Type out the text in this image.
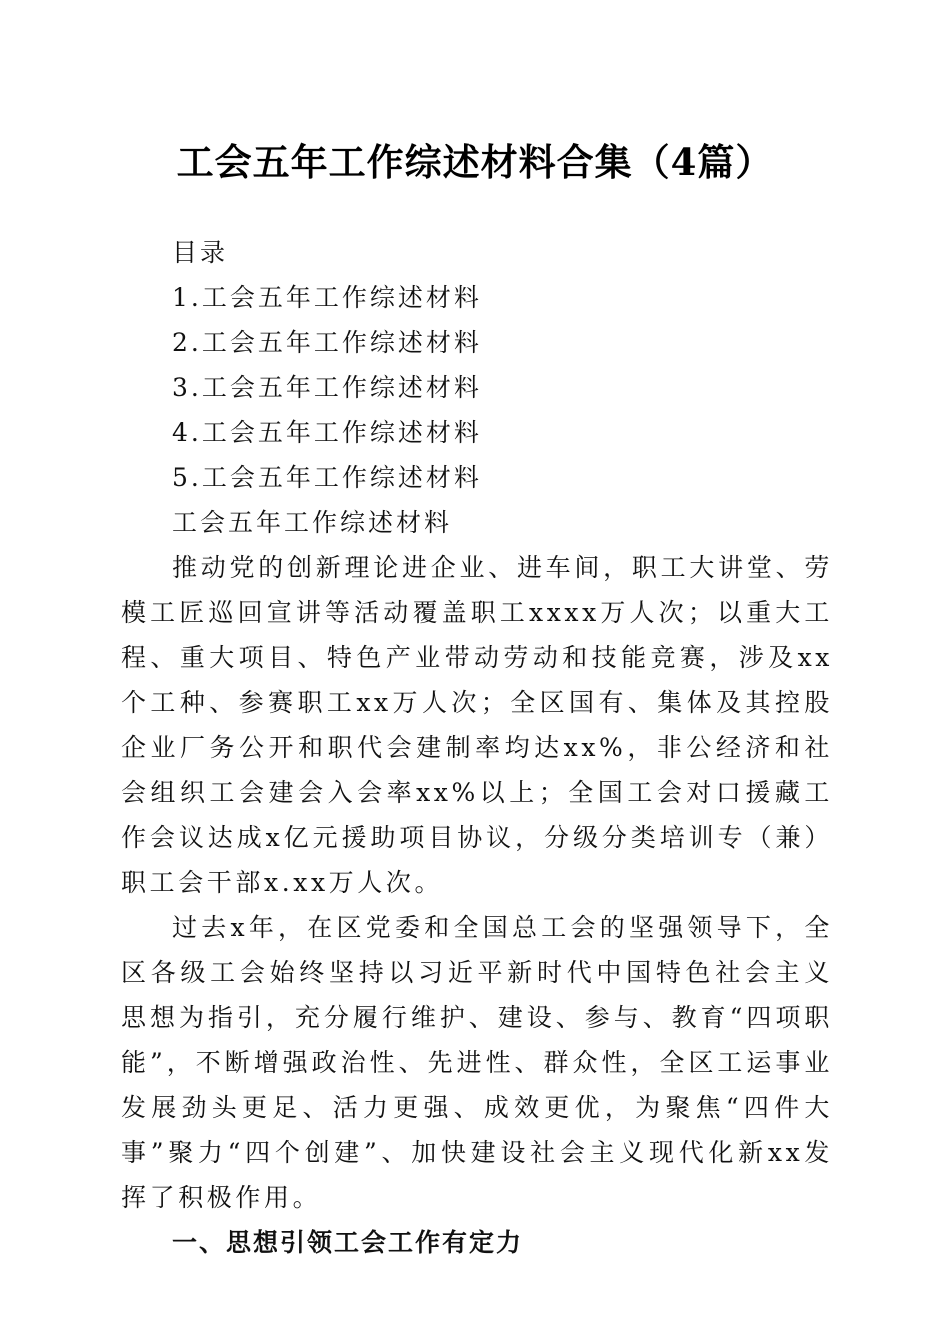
工会五年工作综述材料合集（4篇）
目录
1.工会五年工作综述材料
2.工会五年工作综述材料
3.工会五年工作综述材料
4.工会五年工作综述材料
5.工会五年工作综述材料
工会五年工作综述材料

推动党的创新理论进企业、进车间，职工大讲堂、劳模工匠巡回宣讲等活动覆盖职工xxxx万人次；以重大工程、重大项目、特色产业带动劳动和技能竞赛，涉及xx个工种、参赛职工xx万人次；全区国有、集体及其控股企业厂务公开和职代会建制率均达xx%，非公经济和社会组织工会建会入会率xx%以上；全国工会对口援藏工作会议达成x亿元援助项目协议，分级分类培训专（兼）职工会干部x.xx万人次。

过去x年，在区党委和全国总工会的坚强领导下，全区各级工会始终坚持以习近平新时代中国特色社会主义思想为指引，充分履行维护、建设、参与、教育“四项职能”，不断增强政治性、先进性、群众性，全区工运事业发展劲头更足、活力更强、成效更优，为聚焦“四件大事”聚力“四个创建”、加快建设社会主义现代化新xx发挥了积极作用。

一、思想引领工会工作有定力
